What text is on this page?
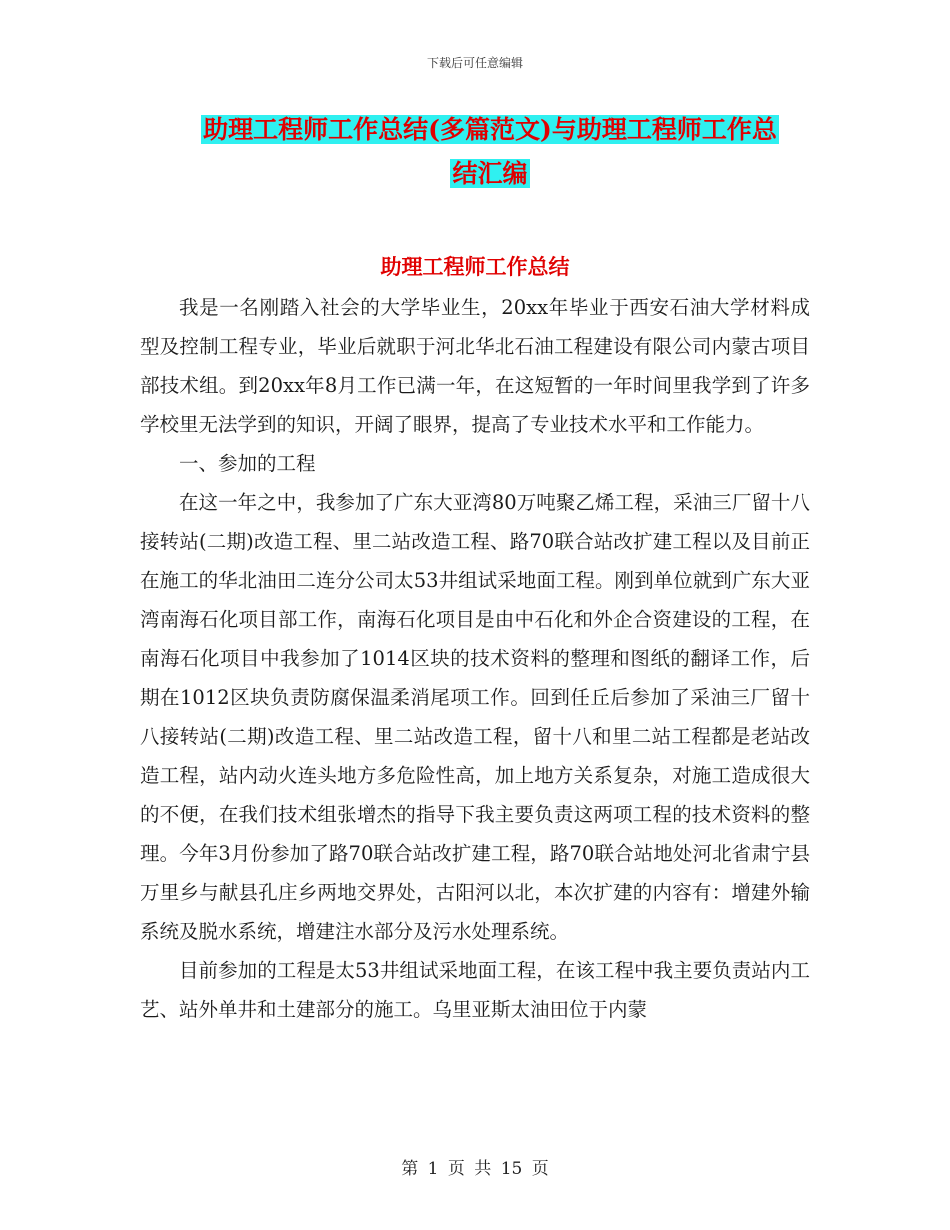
下载后可任意编辑
助理工程师工作总结(多篇范文)与助理工程师工作总
结汇编
助理工程师工作总结

我是一名刚踏入社会的大学毕业生，20xx年毕业于西安石油大学材料成型及控制工程专业，毕业后就职于河北华北石油工程建设有限公司内蒙古项目部技术组。到20xx年8月工作已满一年，在这短暂的一年时间里我学到了许多学校里无法学到的知识，开阔了眼界，提高了专业技术水平和工作能力。

一、参加的工程

在这一年之中，我参加了广东大亚湾80万吨聚乙烯工程，采油三厂留十八接转站(二期)改造工程、里二站改造工程、路70联合站改扩建工程以及目前正在施工的华北油田二连分公司太53井组试采地面工程。刚到单位就到广东大亚湾南海石化项目部工作，南海石化项目是由中石化和外企合资建设的工程，在南海石化项目中我参加了1014区块的技术资料的整理和图纸的翻译工作，后期在1012区块负责防腐保温柔消尾项工作。回到任丘后参加了采油三厂留十八接转站(二期)改造工程、里二站改造工程，留十八和里二站工程都是老站改造工程，站内动火连头地方多危险性高，加上地方关系复杂，对施工造成很大的不便，在我们技术组张增杰的指导下我主要负责这两项工程的技术资料的整理。今年3月份参加了路70联合站改扩建工程，路70联合站地处河北省肃宁县万里乡与献县孔庄乡两地交界处，古阳河以北，本次扩建的内容有：增建外输系统及脱水系统，增建注水部分及污水处理系统。

目前参加的工程是太53井组试采地面工程，在该工程中我主要负责站内工艺、站外单井和土建部分的施工。乌里亚斯太油田位于内蒙

第 1 页 共 15 页
